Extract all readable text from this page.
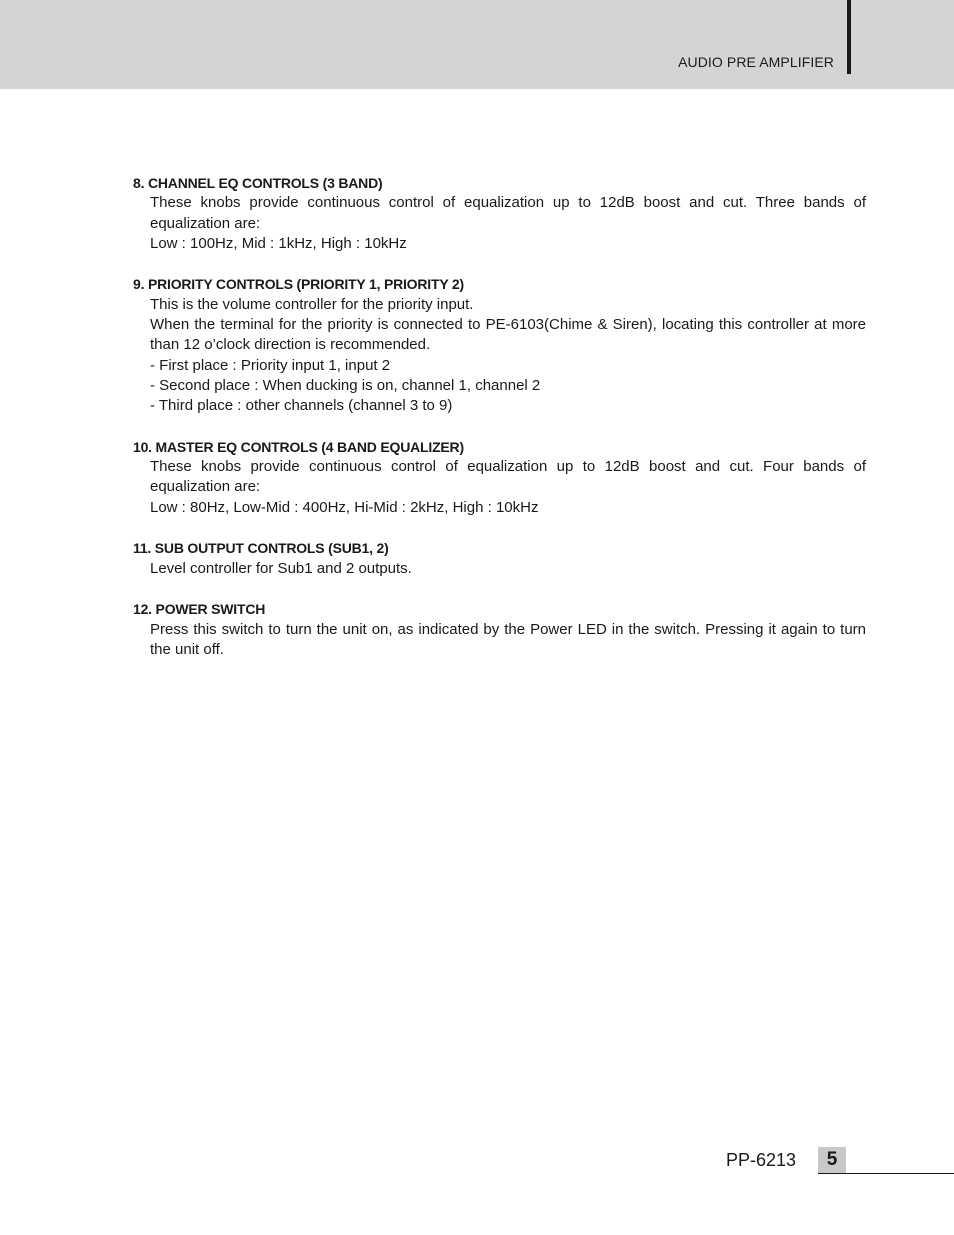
AUDIO PRE AMPLIFIER
8. CHANNEL EQ CONTROLS (3 BAND)

These knobs provide continuous control of equalization up to 12dB boost and cut. Three bands of equalization are:

Low : 100Hz, Mid : 1kHz, High : 10kHz

9. PRIORITY CONTROLS (PRIORITY 1, PRIORITY 2)

This is the volume controller for the priority input.

When the terminal for the priority is connected to PE-6103(Chime & Siren), locating this controller at more than 12 o’clock direction is recommended.

- First place : Priority input 1, input 2

- Second place : When ducking is on, channel 1, channel 2

- Third place : other channels (channel 3 to 9)

10. MASTER EQ CONTROLS (4 BAND EQUALIZER)

These knobs provide continuous control of equalization up to 12dB boost and cut. Four bands of equalization are:

Low : 80Hz, Low-Mid : 400Hz, Hi-Mid : 2kHz, High : 10kHz

11. SUB OUTPUT CONTROLS (SUB1, 2)

Level controller for Sub1 and 2 outputs.

12. POWER SWITCH

Press this switch to turn the unit on, as indicated by the Power LED in the switch. Pressing it again to turn the unit off.

PP-6213	5
